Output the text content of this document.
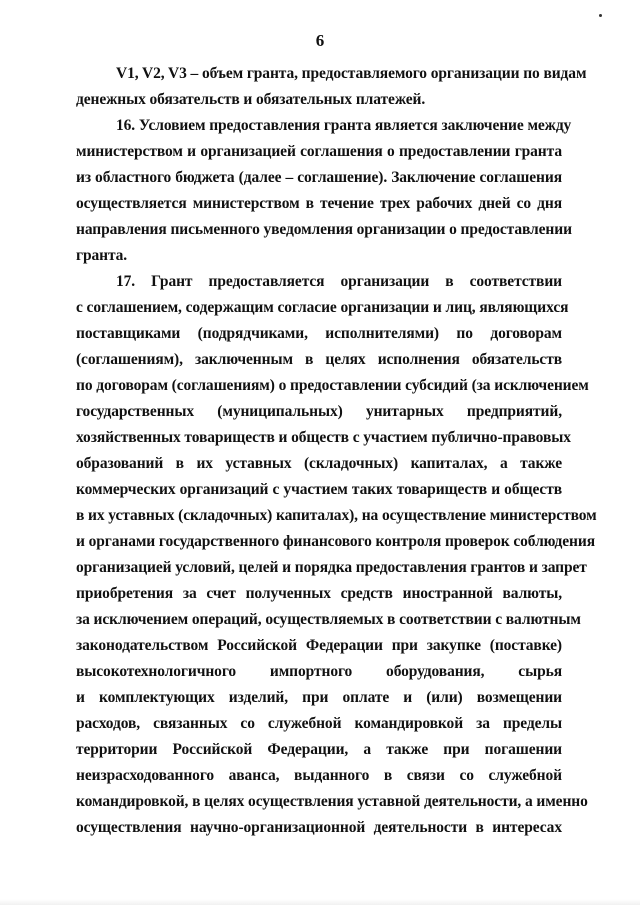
6
V1, V2, V3 – объем гранта, предоставляемого организации по видам
денежных обязательств и обязательных платежей.
16. Условием предоставления гранта является заключение между
министерством и организацией соглашения о предоставлении гранта
из областного бюджета (далее – соглашение). Заключение соглашения
осуществляется министерством в течение трех рабочих дней со дня
направления письменного уведомления организации о предоставлении
гранта.
17. Грант предоставляется организации в соответствии
с соглашением, содержащим согласие организации и лиц, являющихся
поставщиками (подрядчиками, исполнителями) по договорам
(соглашениям), заключенным в целях исполнения обязательств
по договорам (соглашениям) о предоставлении субсидий (за исключением
государственных (муниципальных) унитарных предприятий,
хозяйственных товариществ и обществ с участием публично-правовых
образований в их уставных (складочных) капиталах, а также
коммерческих организаций с участием таких товариществ и обществ
в их уставных (складочных) капиталах), на осуществление министерством
и органами государственного финансового контроля проверок соблюдения
организацией условий, целей и порядка предоставления грантов и запрет
приобретения за счет полученных средств иностранной валюты,
за исключением операций, осуществляемых в соответствии с валютным
законодательством Российской Федерации при закупке (поставке)
высокотехнологичного импортного оборудования, сырья
и комплектующих изделий, при оплате и (или) возмещении
расходов, связанных со служебной командировкой за пределы
территории Российской Федерации, а также при погашении
неизрасходованного аванса, выданного в связи со служебной
командировкой, в целях осуществления уставной деятельности, а именно
осуществления научно-организационной деятельности в интересах
